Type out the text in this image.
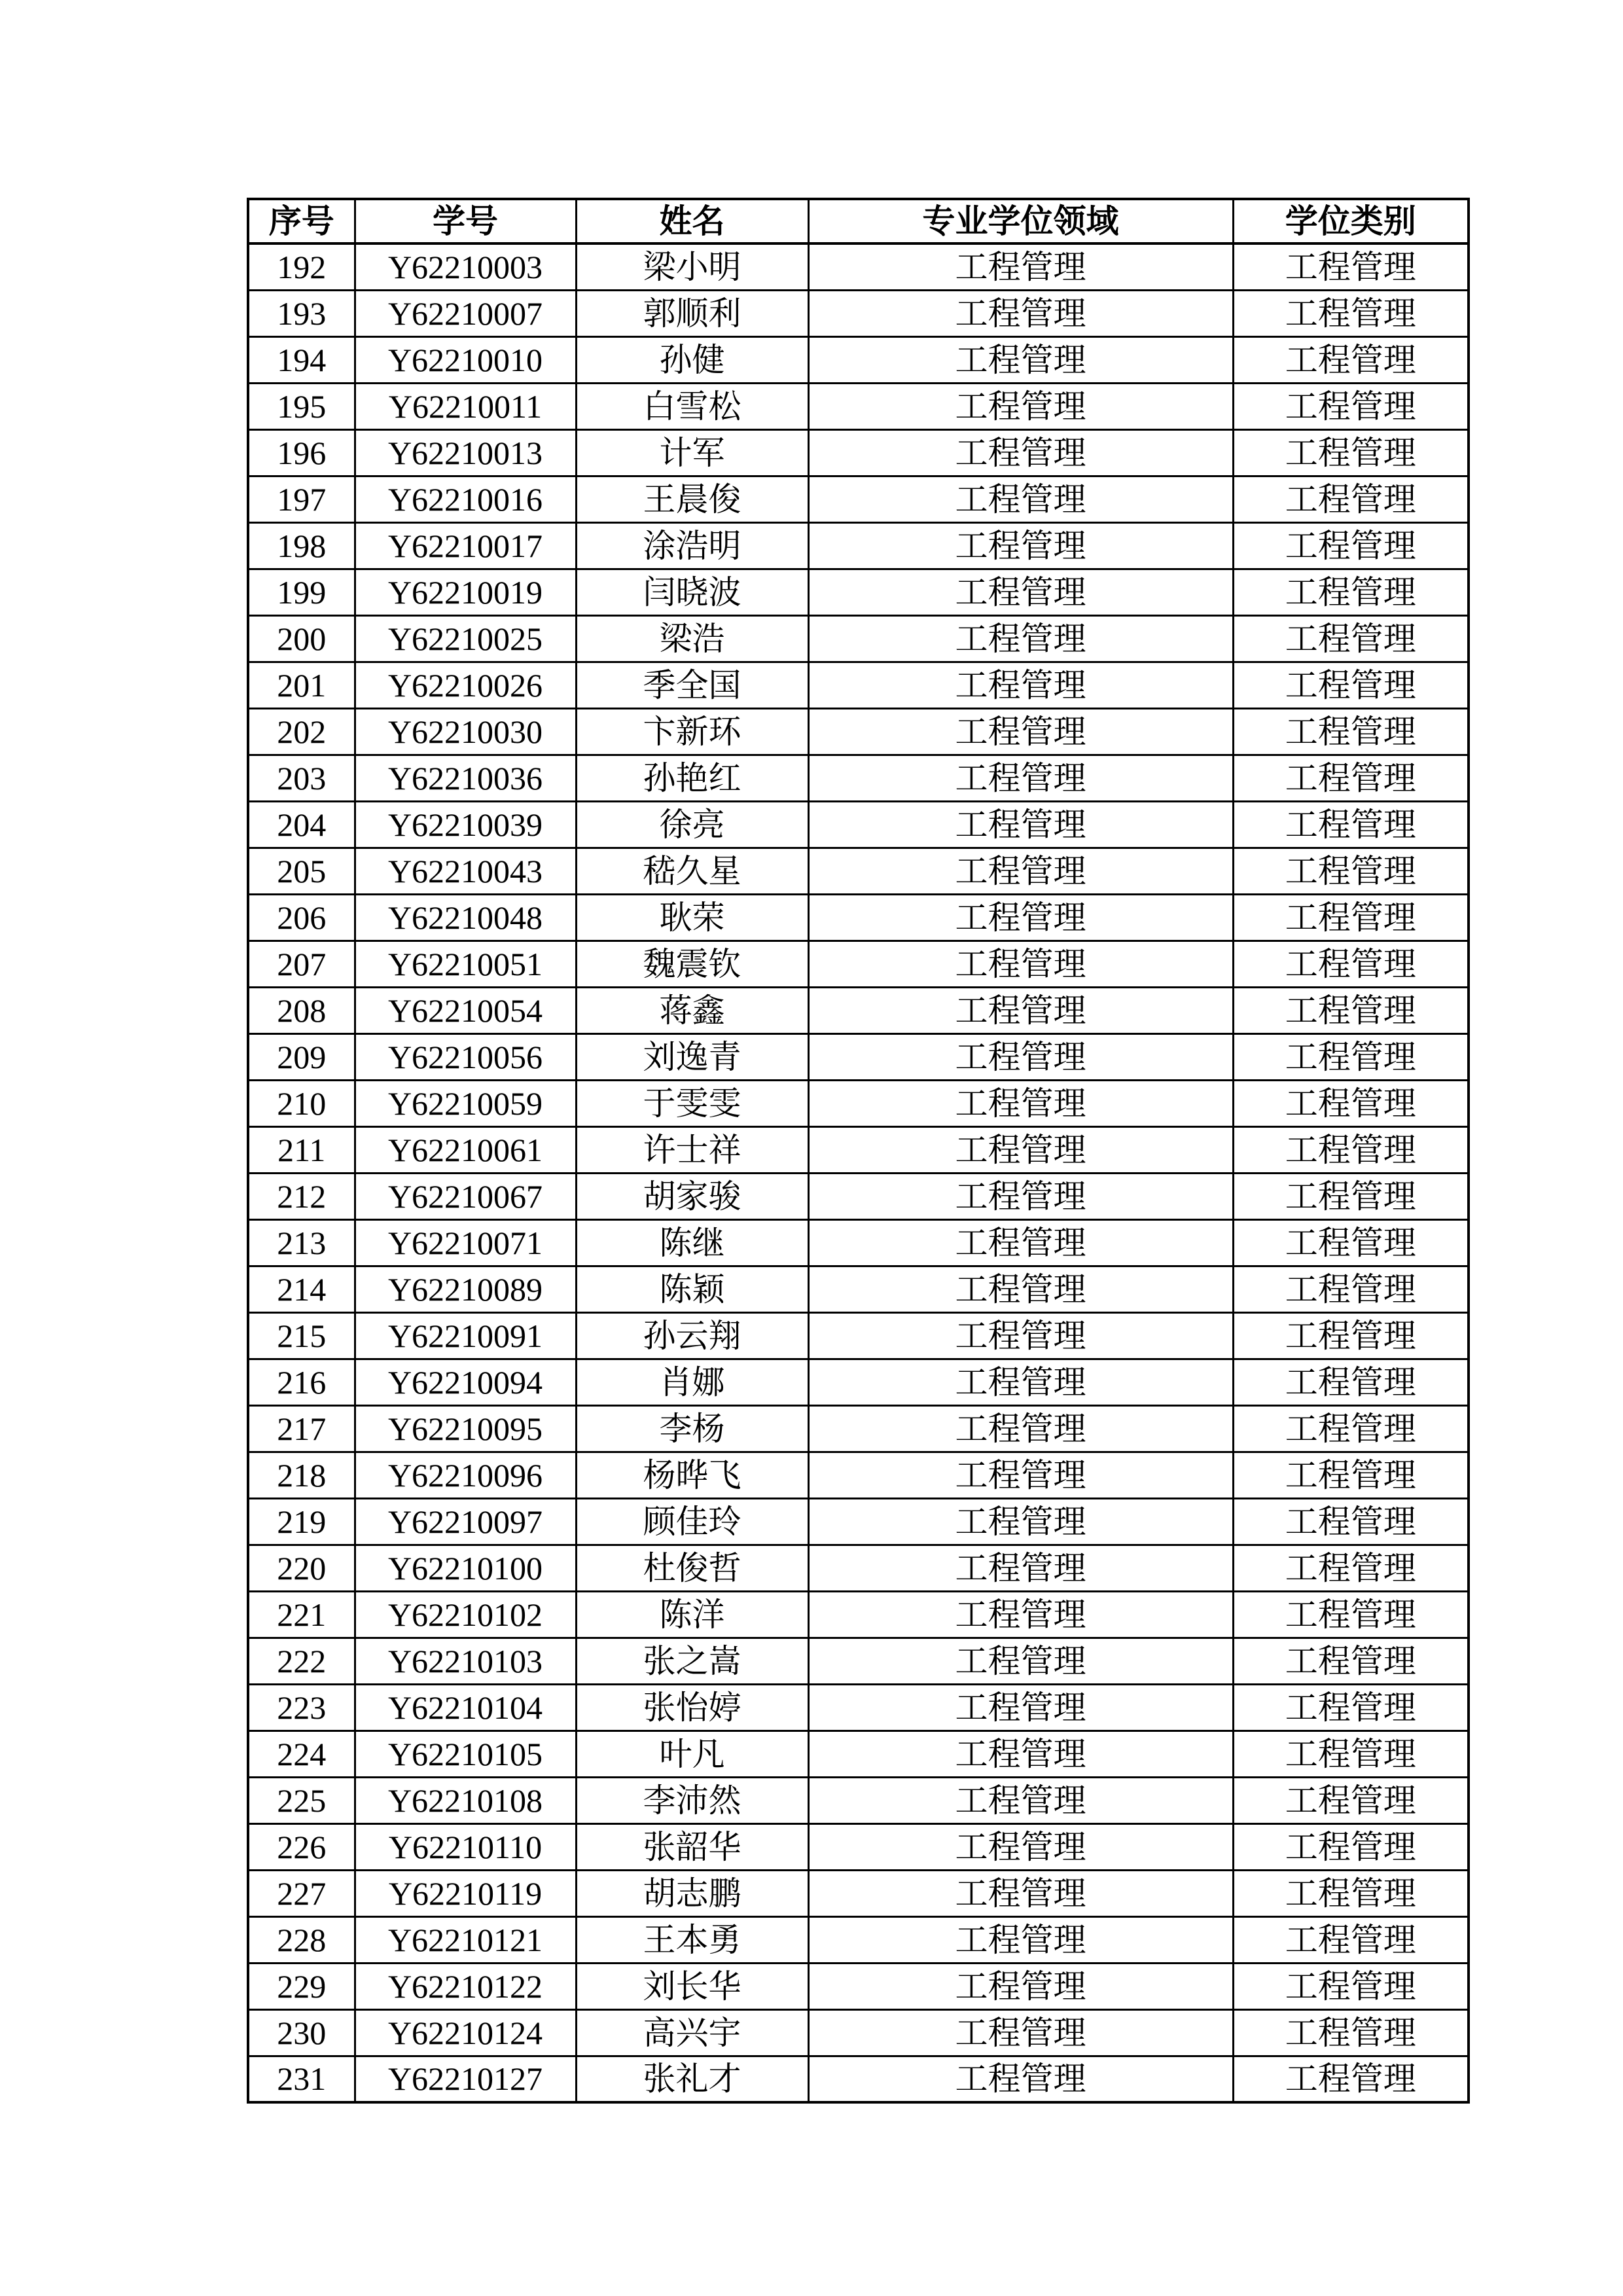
序号	学号	姓名	专业学位领域	学位类别
192	Y62210003	梁小明	工程管理	工程管理
193	Y62210007	郭顺利	工程管理	工程管理
194	Y62210010	孙健	工程管理	工程管理
195	Y62210011	白雪松	工程管理	工程管理
196	Y62210013	计军	工程管理	工程管理
197	Y62210016	王晨俊	工程管理	工程管理
198	Y62210017	涂浩明	工程管理	工程管理
199	Y62210019	闫晓波	工程管理	工程管理
200	Y62210025	梁浩	工程管理	工程管理
201	Y62210026	季全国	工程管理	工程管理
202	Y62210030	卞新环	工程管理	工程管理
203	Y62210036	孙艳红	工程管理	工程管理
204	Y62210039	徐亮	工程管理	工程管理
205	Y62210043	嵇久星	工程管理	工程管理
206	Y62210048	耿荣	工程管理	工程管理
207	Y62210051	魏震钦	工程管理	工程管理
208	Y62210054	蒋鑫	工程管理	工程管理
209	Y62210056	刘逸青	工程管理	工程管理
210	Y62210059	于雯雯	工程管理	工程管理
211	Y62210061	许士祥	工程管理	工程管理
212	Y62210067	胡家骏	工程管理	工程管理
213	Y62210071	陈继	工程管理	工程管理
214	Y62210089	陈颖	工程管理	工程管理
215	Y62210091	孙云翔	工程管理	工程管理
216	Y62210094	肖娜	工程管理	工程管理
217	Y62210095	李杨	工程管理	工程管理
218	Y62210096	杨晔飞	工程管理	工程管理
219	Y62210097	顾佳玲	工程管理	工程管理
220	Y62210100	杜俊哲	工程管理	工程管理
221	Y62210102	陈洋	工程管理	工程管理
222	Y62210103	张之嵩	工程管理	工程管理
223	Y62210104	张怡婷	工程管理	工程管理
224	Y62210105	叶凡	工程管理	工程管理
225	Y62210108	李沛然	工程管理	工程管理
226	Y62210110	张韶华	工程管理	工程管理
227	Y62210119	胡志鹏	工程管理	工程管理
228	Y62210121	王本勇	工程管理	工程管理
229	Y62210122	刘长华	工程管理	工程管理
230	Y62210124	高兴宇	工程管理	工程管理
231	Y62210127	张礼才	工程管理	工程管理
